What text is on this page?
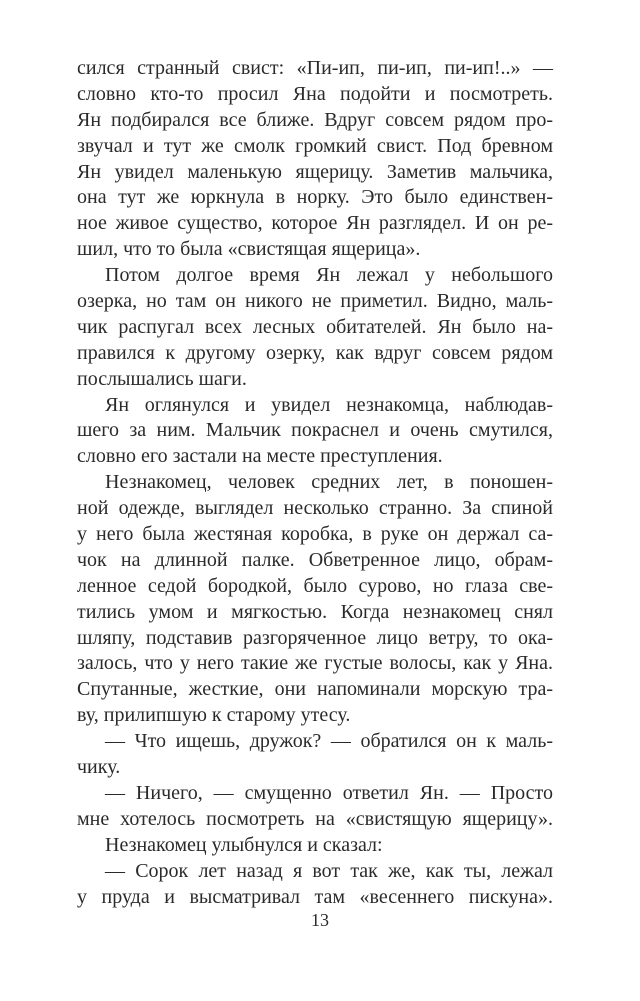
сился странный свист: «Пи-ип, пи-ип, пи-ип!..» —
словно кто-то просил Яна подойти и посмотреть.
Ян подбирался все ближе. Вдруг совсем рядом про-
звучал и тут же смолк громкий свист. Под бревном
Ян увидел маленькую ящерицу. Заметив мальчика,
она тут же юркнула в норку. Это было единствен-
ное живое существо, которое Ян разглядел. И он ре-
шил, что то была «свистящая ящерица».
Потом долгое время Ян лежал у небольшого
озерка, но там он никого не приметил. Видно, маль-
чик распугал всех лесных обитателей. Ян было на-
правился к другому озерку, как вдруг совсем рядом
послышались шаги.
Ян оглянулся и увидел незнакомца, наблюдав-
шего за ним. Мальчик покраснел и очень смутился,
словно его застали на месте преступления.
Незнакомец, человек средних лет, в поношен-
ной одежде, выглядел несколько странно. За спиной
у него была жестяная коробка, в руке он держал са-
чок на длинной палке. Обветренное лицо, обрам-
ленное седой бородкой, было сурово, но глаза све-
тились умом и мягкостью. Когда незнакомец снял
шляпу, подставив разгоряченное лицо ветру, то ока-
залось, что у него такие же густые волосы, как у Яна.
Спутанные, жесткие, они напоминали морскую тра-
ву, прилипшую к старому утесу.
— Что ищешь, дружок? — обратился он к маль-
чику.
— Ничего, — смущенно ответил Ян. — Просто
мне хотелось посмотреть на «свистящую ящерицу».
Незнакомец улыбнулся и сказал:
— Сорок лет назад я вот так же, как ты, лежал
у пруда и высматривал там «весеннего пискуна».
13
